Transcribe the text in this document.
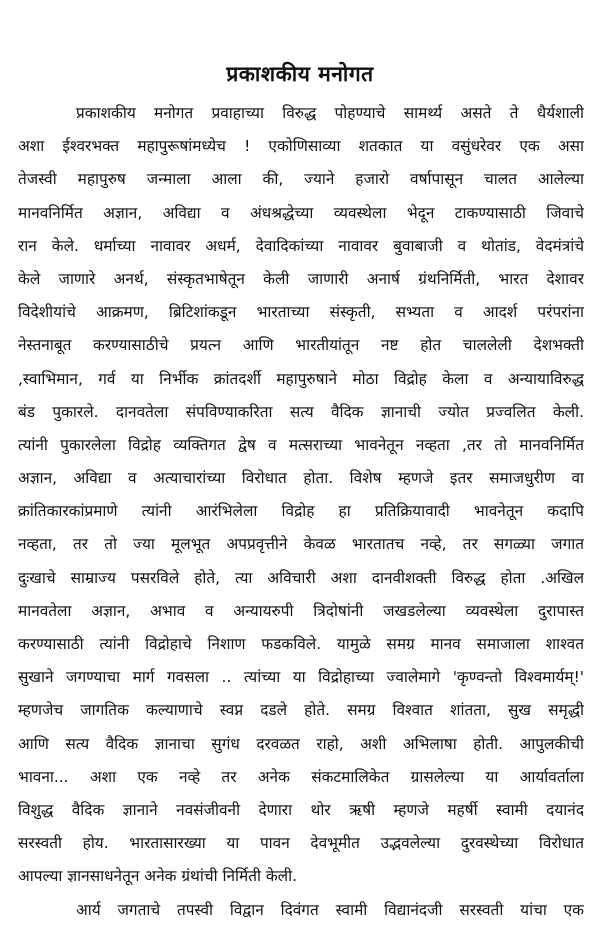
प्रकाशकीय मनोगत
प्रकाशकीय मनोगत प्रवाहाच्या विरुद्ध पोहण्याचे सामर्थ्य असते ते धैर्यशाली
अशा ईश्वरभक्त महापुरूषांमध्येच ! एकोणिसाव्या शतकात या वसुंधरेवर एक असा
तेजस्वी महापुरुष जन्माला आला की, ज्याने हजारो वर्षापासून चालत आलेल्या
मानवनिर्मित अज्ञान, अविद्या व अंधश्रद्धेच्या व्यवस्थेला भेदून टाकण्यासाठी जिवाचे
रान केले. धर्माच्या नावावर अधर्म, देवादिकांच्या नावावर बुवाबाजी व थोतांड, वेदमंत्रांचे
केले जाणारे अनर्थ, संस्कृतभाषेतून केली जाणारी अनार्ष ग्रंथनिर्मिती, भारत देशावर
विदेशीयांचे आक्रमण, ब्रिटिशांकडून भारताच्या संस्कृती, सभ्यता व आदर्श परंपरांना
नेस्तनाबूत करण्यासाठीचे प्रयत्न आणि भारतीयांतून नष्ट होत चाललेली देशभक्ती
,स्वाभिमान, गर्व या निर्भीक क्रांतदर्शी महापुरुषाने मोठा विद्रोह केला व अन्यायाविरुद्ध
बंड पुकारले. दानवतेला संपविण्याकरिता सत्य वैदिक ज्ञानाची ज्योत प्रज्वलित केली.
त्यांनी पुकारलेला विद्रोह व्यक्तिगत द्वेष व मत्सराच्या भावनेतून नव्हता ,तर तो मानवनिर्मित
अज्ञान, अविद्या व अत्याचारांच्या विरोधात होता. विशेष म्हणजे इतर समाजधुरीण वा
क्रांतिकारकांप्रमाणे त्यांनी आरंभिलेला विद्रोह हा प्रतिक्रियावादी भावनेतून कदापि
नव्हता, तर तो ज्या मूलभूत अपप्रवृत्तीने केवळ भारतातच नव्हे, तर सगळ्या जगात
दुःखाचे साम्राज्य पसरविले होते, त्या अविचारी अशा दानवीशक्ती विरुद्ध होता .अखिल
मानवतेला अज्ञान, अभाव व अन्यायरुपी त्रिदोषांनी जखडलेल्या व्यवस्थेला दुरापास्त
करण्यासाठी त्यांनी विद्रोहाचे निशाण फडकविले. यामुळे समग्र मानव समाजाला शाश्वत
सुखाने जगण्याचा मार्ग गवसला .. त्यांच्या या विद्रोहाच्या ज्वालेमागे 'कृण्वन्तो विश्वमार्यम्!'
म्हणजेच जागतिक कल्याणाचे स्वप्न दडले होते. समग्र विश्वात शांतता, सुख समृद्धी
आणि सत्य वैदिक ज्ञानाचा सुगंध दरवळत राहो, अशी अभिलाषा होती. आपुलकीची
भावना... अशा एक नव्हे तर अनेक संकटमालिकेत ग्रासलेल्या या आर्यावर्ताला
विशुद्ध वैदिक ज्ञानाने नवसंजीवनी देणारा थोर ऋषी म्हणजे महर्षी स्वामी दयानंद
सरस्वती होय. भारतासारख्या या पावन देवभूमीत उद्भवलेल्या दुरवस्थेच्या विरोधात
आपल्या ज्ञानसाधनेतून अनेक ग्रंथांची निर्मिती केली.
आर्य जगताचे तपस्वी विद्वान दिवंगत स्वामी विद्यानंदजी सरस्वती यांचा एक
